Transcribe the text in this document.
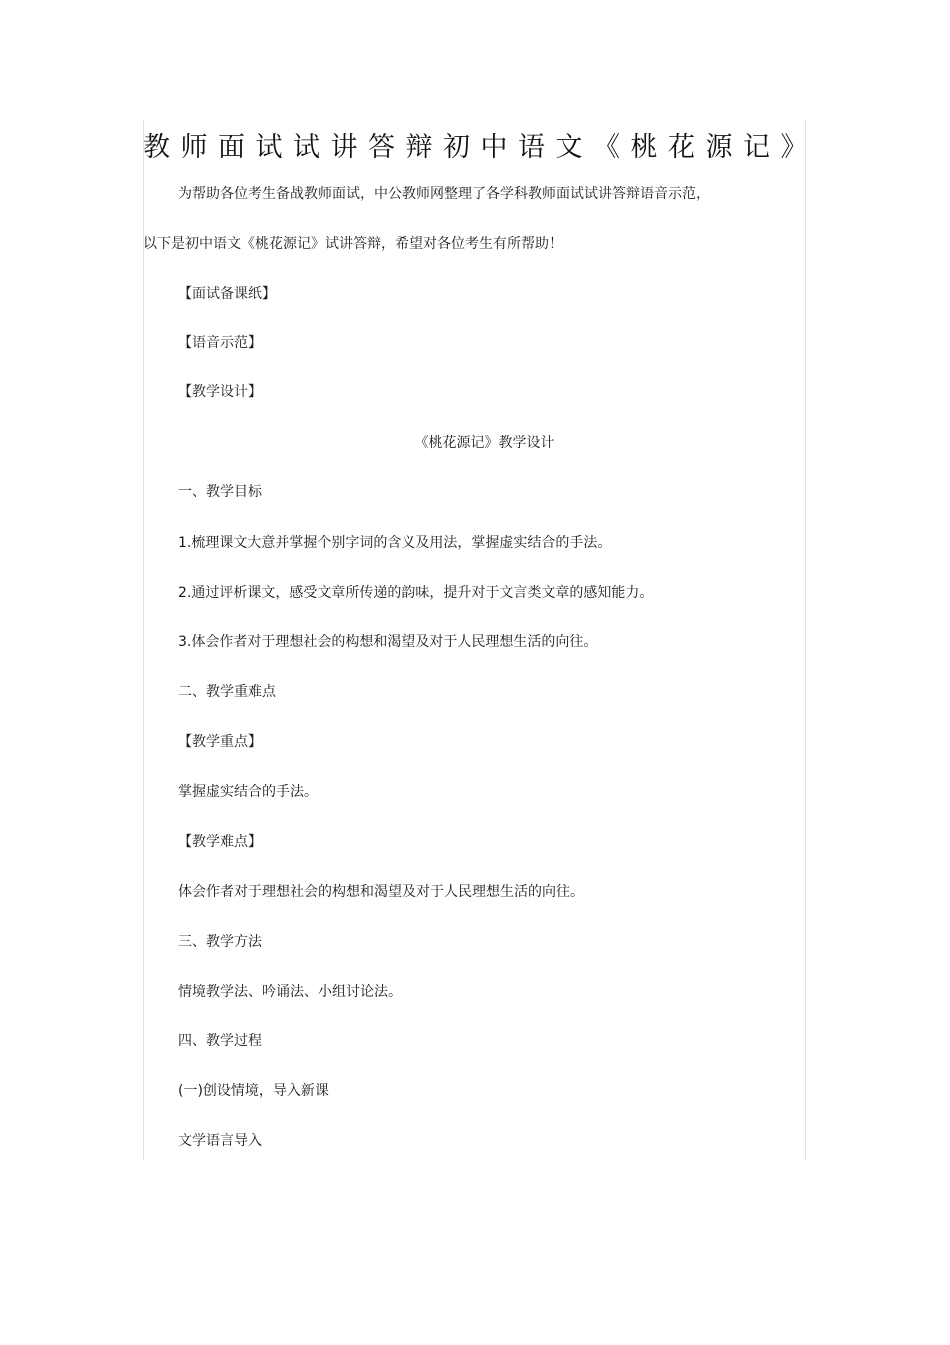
教师面试试讲答辩初中语文《桃花源记》
为帮助各位考生备战教师面试，中公教师网整理了各学科教师面试试讲答辩语音示范，
以下是初中语文《桃花源记》试讲答辩，希望对各位考生有所帮助！
【面试备课纸】
【语音示范】
【教学设计】
《桃花源记》教学设计
一、教学目标
1.梳理课文大意并掌握个别字词的含义及用法，掌握虚实结合的手法。
2.通过评析课文，感受文章所传递的韵味，提升对于文言类文章的感知能力。
3.体会作者对于理想社会的构想和渴望及对于人民理想生活的向往。
二、教学重难点
【教学重点】
掌握虚实结合的手法。
【教学难点】
体会作者对于理想社会的构想和渴望及对于人民理想生活的向往。
三、教学方法
情境教学法、吟诵法、小组讨论法。
四、教学过程
(一)创设情境，导入新课
文学语言导入
